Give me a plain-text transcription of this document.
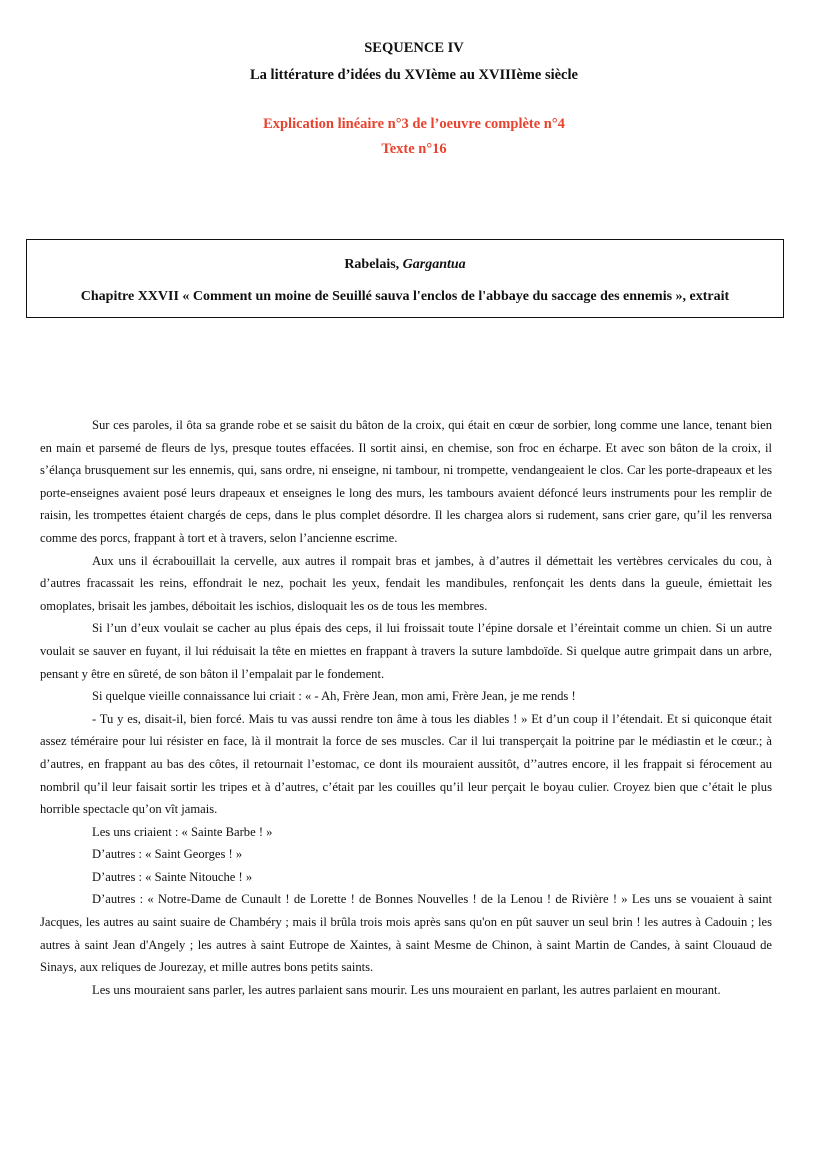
SEQUENCE IV
La littérature d’idées du XVIème au XVIIIème siècle
Explication linéaire n°3 de l’oeuvre complète n°4
Texte n°16
Rabelais, Gargantua
Chapitre XXVII « Comment un moine de Seuillé sauva l'enclos de l'abbaye du saccage des ennemis », extrait

Sur ces paroles, il ôta sa grande robe et se saisit du bâton de la croix, qui était en cœur de sorbier, long comme une lance, tenant bien en main et parsemé de fleurs de lys, presque toutes effacées. Il sortit ainsi, en chemise, son froc en écharpe. Et avec son bâton de la croix, il s’élança brusquement sur les ennemis, qui, sans ordre, ni enseigne, ni tambour, ni trompette, vendangeaient le clos. Car les porte-drapeaux et les porte-enseignes avaient posé leurs drapeaux et enseignes le long des murs, les tambours avaient défoncé leurs instruments pour les remplir de raisin, les trompettes étaient chargés de ceps, dans le plus complet désordre. Il les chargea alors si rudement, sans crier gare, qu’il les renversa comme des porcs, frappant à tort et à travers, selon l’ancienne escrime.

Aux uns il écrabouillait la cervelle, aux autres il rompait bras et jambes, à d’autres il démettait les vertèbres cervicales du cou, à d’autres fracassait les reins, effondrait le nez, pochait les yeux, fendait les mandibules, renfonçait les dents dans la gueule, émiettait les omoplates, brisait les jambes, déboitait les ischios, disloquait les os de tous les membres.

Si l’un d’eux voulait se cacher au plus épais des ceps, il lui froissait toute l’épine dorsale et l’éreintait comme un chien. Si un autre voulait se sauver en fuyant, il lui réduisait la tête en miettes en frappant à travers la suture lambdoïde. Si quelque autre grimpait dans un arbre, pensant y être en sûreté, de son bâton il l’empalait par le fondement.

Si quelque vieille connaissance lui criait : « - Ah, Frère Jean, mon ami, Frère Jean, je me rends !

- Tu y es, disait-il, bien forcé. Mais tu vas aussi rendre ton âme à tous les diables ! » Et d’un coup il l’étendait. Et si quiconque était assez téméraire pour lui résister en face, là il montrait la force de ses muscles. Car il lui transperçait la poitrine par le médiastin et le cœur.; à d’autres, en frappant au bas des côtes, il retournait l’estomac, ce dont ils mouraient aussitôt, d’’autres encore, il les frappait si férocement au nombril qu’il leur faisait sortir les tripes et à d’autres, c’était par les couilles qu’il leur perçait le boyau culier. Croyez bien que c’était le plus horrible spectacle qu’on vît jamais.

Les uns criaient : « Sainte Barbe ! »

D’autres : « Saint Georges ! »

D’autres : « Sainte Nitouche ! »

D’autres : « Notre-Dame de Cunault ! de Lorette ! de Bonnes Nouvelles ! de la Lenou ! de Rivière ! » Les uns se vouaient à saint Jacques, les autres au saint suaire de Chambéry ; mais il brûla trois mois après sans qu'on en pût sauver un seul brin ! les autres à Cadouin ; les autres à saint Jean d'Angely ; les autres à saint Eutrope de Xaintes, à saint Mesme de Chinon, à saint Martin de Candes, à saint Clouaud de Sinays, aux reliques de Jourezay, et mille autres bons petits saints.

Les uns mouraient sans parler, les autres parlaient sans mourir. Les uns mouraient en parlant, les autres parlaient en mourant.
